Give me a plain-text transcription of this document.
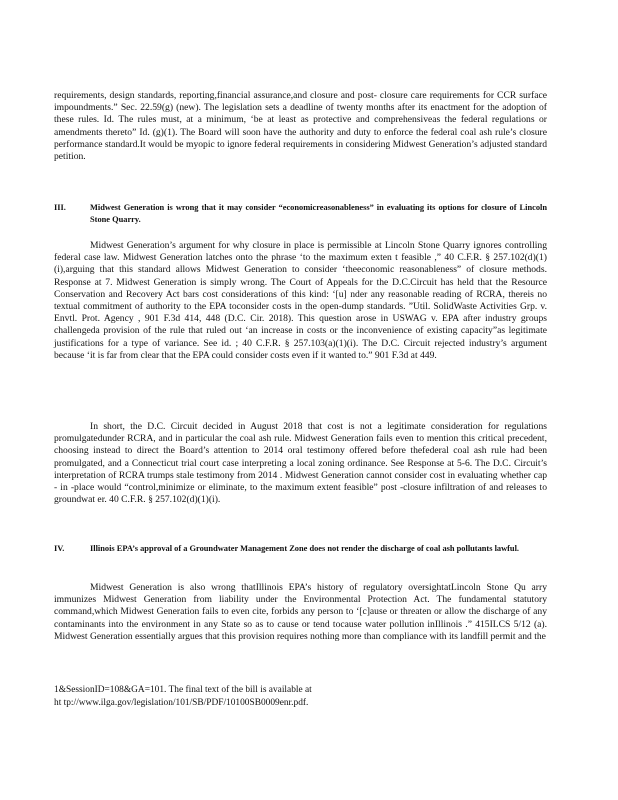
requirements, design standards, reporting,financial assurance,and closure and post- closure care requirements for CCR surface impoundments.” Sec. 22.59(g) (new). The legislation sets a deadline of twenty months after its enactment for the adoption of these rules. Id. The rules must, at a minimum, ‘be at least as protective and comprehensiveas the federal regulations or amendments thereto” Id. (g)(1). The Board will soon have the authority and duty to enforce the federal coal ash rule’s closure performance standard.It would be myopic to ignore federal requirements in considering Midwest Generation’s adjusted standard petition.

III.	Midwest Generation is wrong that it may consider “economicreasonableness” in evaluating its options for closure of Lincoln Stone Quarry.

Midwest Generation’s argument for why closure in place is permissible at Lincoln Stone Quarry ignores controlling federal case law. Midwest Generation latches onto the phrase ‘to the maximum exten t feasible ,” 40 C.F.R. § 257.102(d)(1)(i),arguing that this standard allows Midwest Generation to consider ‘theeconomic reasonableness” of closure methods. Response at 7. Midwest Generation is simply wrong. The Court of Appeals for the D.C.Circuit has held that the Resource Conservation and Recovery Act bars cost considerations of this kind: ‘[u] nder any reasonable reading of RCRA, thereis no textual commitment of authority to the EPA toconsider costs in the open-dump standards. ”Util. SolidWaste Activities Grp. v. Envtl. Prot. Agency , 901 F.3d 414, 448 (D.C. Cir. 2018). This question arose in USWAG v. EPA after industry groups challengeda provision of the rule that ruled out ‘an increase in costs or the inconvenience of existing capacity”as legitimate justifications for a type of variance. See id. ; 40 C.F.R. § 257.103(a)(1)(i). The D.C. Circuit rejected industry’s argument because ‘it is far from clear that the EPA could consider costs even if it wanted to.” 901 F.3d at 449.

In short, the D.C. Circuit decided in August 2018 that cost is not a legitimate consideration for regulations promulgatedunder RCRA, and in particular the coal ash rule. Midwest Generation fails even to mention this critical precedent, choosing instead to direct the Board’s attention to 2014 oral testimony offered before thefederal coal ash rule had been promulgated, and a Connecticut trial court case interpreting a local zoning ordinance. See Response at 5-6. The D.C. Circuit’s interpretation of RCRA trumps stale testimony from 2014 . Midwest Generation cannot consider cost in evaluating whether cap - in -place would “control,minimize or eliminate, to the maximum extent feasible” post -closure infiltration of and releases to groundwat er. 40 C.F.R. § 257.102(d)(1)(i).

IV.	Illinois EPA’s approval of a Groundwater Management Zone does not render the discharge of coal ash pollutants lawful.

Midwest Generation is also wrong thatIllinois EPA’s history of regulatory oversightatLincoln Stone Qu arry immunizes Midwest Generation from liability under the Environmental Protection Act. The fundamental statutory command,which Midwest Generation fails to even cite, forbids any person to ‘[c]ause or threaten or allow the discharge of any contaminants into the environment in any State so as to cause or tend tocause water pollution inIllinois .” 415ILCS 5/12 (a). Midwest Generation essentially argues that this provision requires nothing more than compliance with its landfill permit and the

1&SessionID=108&GA=101. The final text of the bill is available at
ht tp://www.ilga.gov/legislation/101/SB/PDF/10100SB0009enr.pdf.
